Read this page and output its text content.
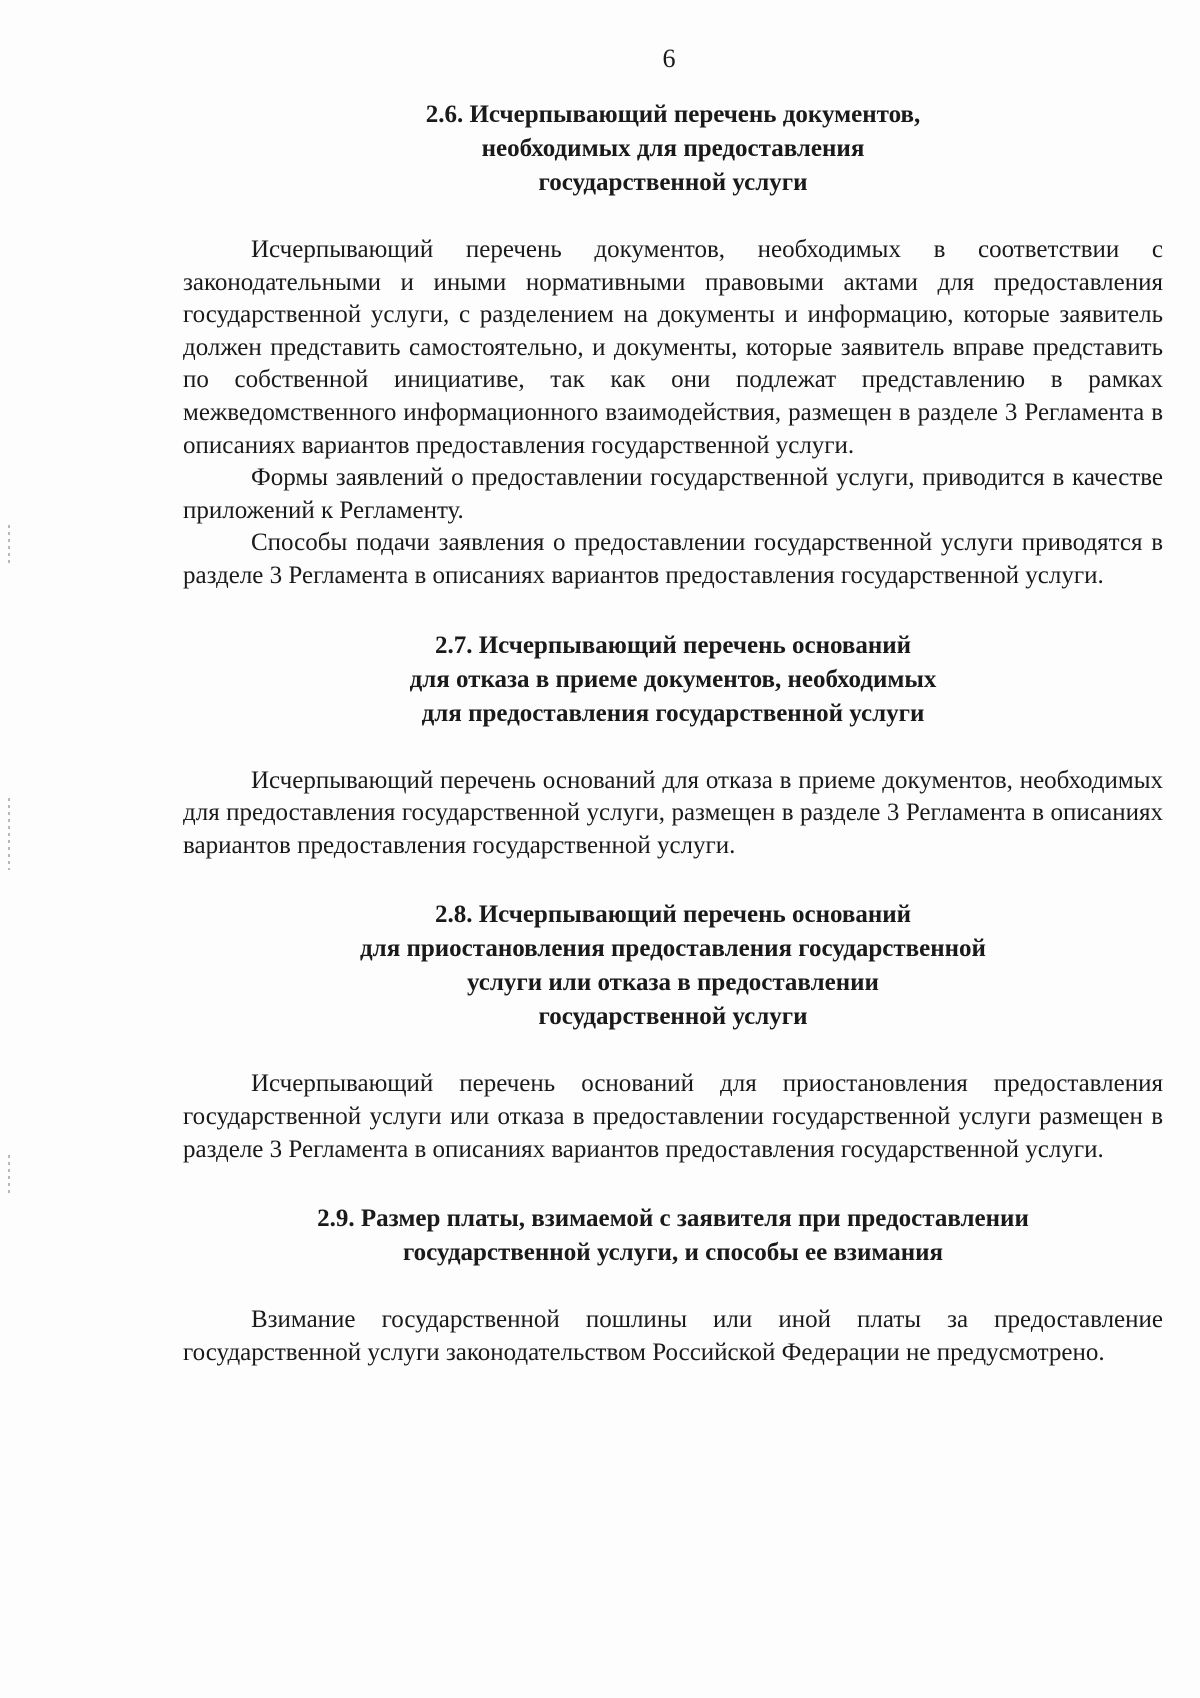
6
2.6. Исчерпывающий перечень документов,
необходимых для предоставления
государственной услуги

Исчерпывающий перечень документов, необходимых в соответствии с законодательными и иными нормативными правовыми актами для предоставления государственной услуги, с разделением на документы и информацию, которые заявитель должен представить самостоятельно, и документы, которые заявитель вправе представить по собственной инициативе, так как они подлежат представлению в рамках межведомственного информационного взаимодействия, размещен в разделе 3 Регламента в описаниях вариантов предоставления государственной услуги.

Формы заявлений о предоставлении государственной услуги, приводится в качестве приложений к Регламенту.

Способы подачи заявления о предоставлении государственной услуги приводятся в разделе 3 Регламента в описаниях вариантов предоставления государственной услуги.

2.7. Исчерпывающий перечень оснований
для отказа в приеме документов, необходимых
для предоставления государственной услуги

Исчерпывающий перечень оснований для отказа в приеме документов, необходимых для предоставления государственной услуги, размещен в разделе 3 Регламента в описаниях вариантов предоставления государственной услуги.

2.8. Исчерпывающий перечень оснований
для приостановления предоставления государственной
услуги или отказа в предоставлении
государственной услуги

Исчерпывающий перечень оснований для приостановления предоставления государственной услуги или отказа в предоставлении государственной услуги размещен в разделе 3 Регламента в описаниях вариантов предоставления государственной услуги.

2.9. Размер платы, взимаемой с заявителя при предоставлении
государственной услуги, и способы ее взимания

Взимание государственной пошлины или иной платы за предоставление государственной услуги законодательством Российской Федерации не предусмотрено.
